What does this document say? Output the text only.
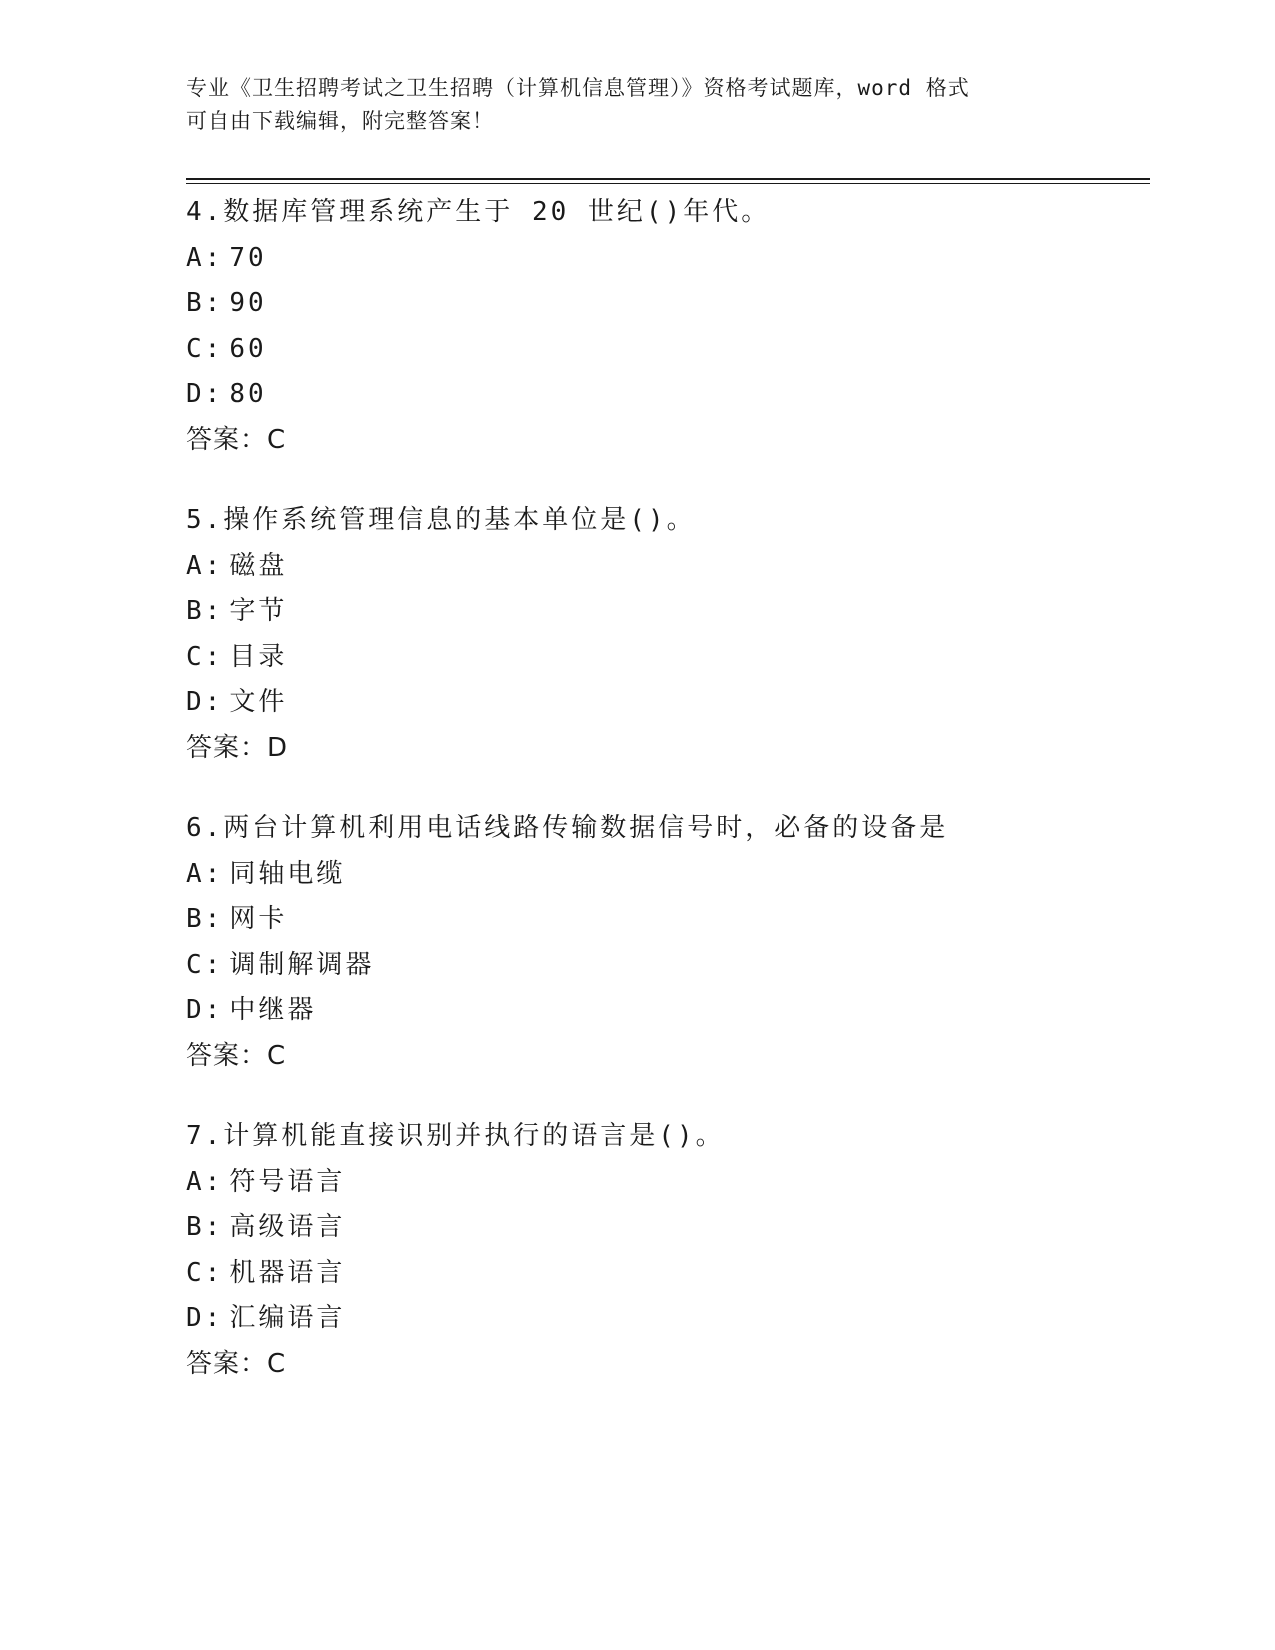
专业《卫生招聘考试之卫生招聘（计算机信息管理）》资格考试题库，word 格式
可自由下载编辑，附完整答案！
4.数据库管理系统产生于 20 世纪()年代。
A: 70
B: 90
C: 60
D: 80
答案：C
5.操作系统管理信息的基本单位是()。
A: 磁盘
B: 字节
C: 目录
D: 文件
答案：D
6.两台计算机利用电话线路传输数据信号时，必备的设备是
A: 同轴电缆
B: 网卡
C: 调制解调器
D: 中继器
答案：C
7.计算机能直接识别并执行的语言是()。
A: 符号语言
B: 高级语言
C: 机器语言
D: 汇编语言
答案：C
